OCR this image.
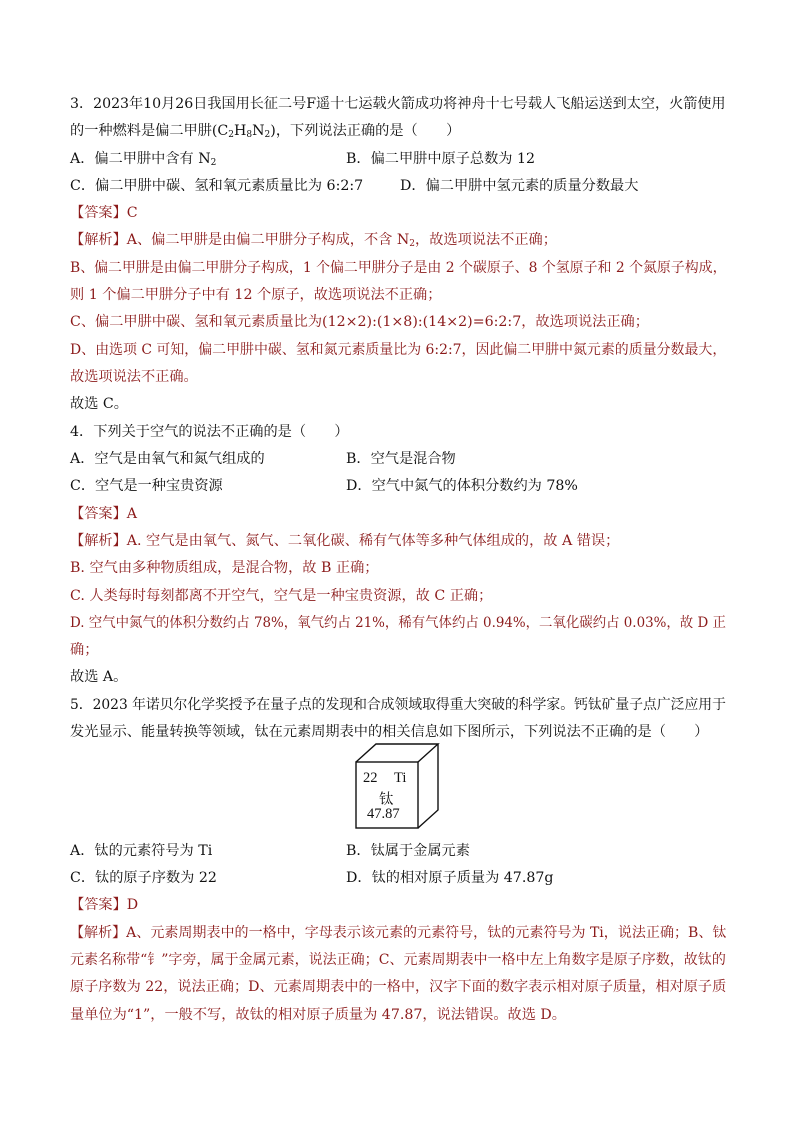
3．2023年10月26日我国用长征二号F遥十七运载火箭成功将神舟十七号载人飞船运送到太空，火箭使用
的一种燃料是偏二甲肼$(C_2H_8N_2)$，下列说法正确的是（　　）
A．偏二甲肼中含有 $N_2$	B．偏二甲肼中原子总数为 12
C．偏二甲肼中碳、氢和氧元素质量比为 6:2:7	D．偏二甲肼中氢元素的质量分数最大
【答案】C
【解析】A、偏二甲肼是由偏二甲肼分子构成，不含 $N_2$，故选项说法不正确；
B、偏二甲肼是由偏二甲肼分子构成，1 个偏二甲肼分子是由 2 个碳原子、8 个氢原子和 2 个氮原子构成，
则 1 个偏二甲肼分子中有 12 个原子，故选项说法不正确；
C、偏二甲肼中碳、氢和氧元素质量比为(12×2):(1×8):(14×2)=6:2:7，故选项说法正确；
D、由选项 C 可知，偏二甲肼中碳、氢和氮元素质量比为 6:2:7，因此偏二甲肼中氮元素的质量分数最大，
故选项说法不正确。
故选 C。
4．下列关于空气的说法不正确的是（　　）
A．空气是由氧气和氮气组成的	B．空气是混合物
C．空气是一种宝贵资源	D．空气中氮气的体积分数约为 78%
【答案】A
【解析】A. 空气是由氧气、氮气、二氧化碳、稀有气体等多种气体组成的，故 A 错误；
B. 空气由多种物质组成，是混合物，故 B 正确；
C. 人类每时每刻都离不开空气，空气是一种宝贵资源，故 C 正确；
D. 空气中氮气的体积分数约占 78%，氧气约占 21%，稀有气体约占 0.94%，二氧化碳约占 0.03%，故 D 正
确；
故选 A。
5．2023 年诺贝尔化学奖授予在量子点的发现和合成领域取得重大突破的科学家。钙钛矿量子点广泛应用于
发光显示、能量转换等领域，钛在元素周期表中的相关信息如下图所示，下列说法不正确的是（　　）
22 Ti
钛
47.87
A．钛的元素符号为 Ti	B．钛属于金属元素
C．钛的原子序数为 22	D．钛的相对原子质量为 47.87g
【答案】D
【解析】A、元素周期表中的一格中，字母表示该元素的元素符号，钛的元素符号为 Ti，说法正确；B、钛
元素名称带“钅”字旁，属于金属元素，说法正确；C、元素周期表中一格中左上角数字是原子序数，故钛的
原子序数为 22，说法正确；D、元素周期表中的一格中，汉字下面的数字表示相对原子质量，相对原子质
量单位为“1”，一般不写，故钛的相对原子质量为 47.87，说法错误。故选 D。
